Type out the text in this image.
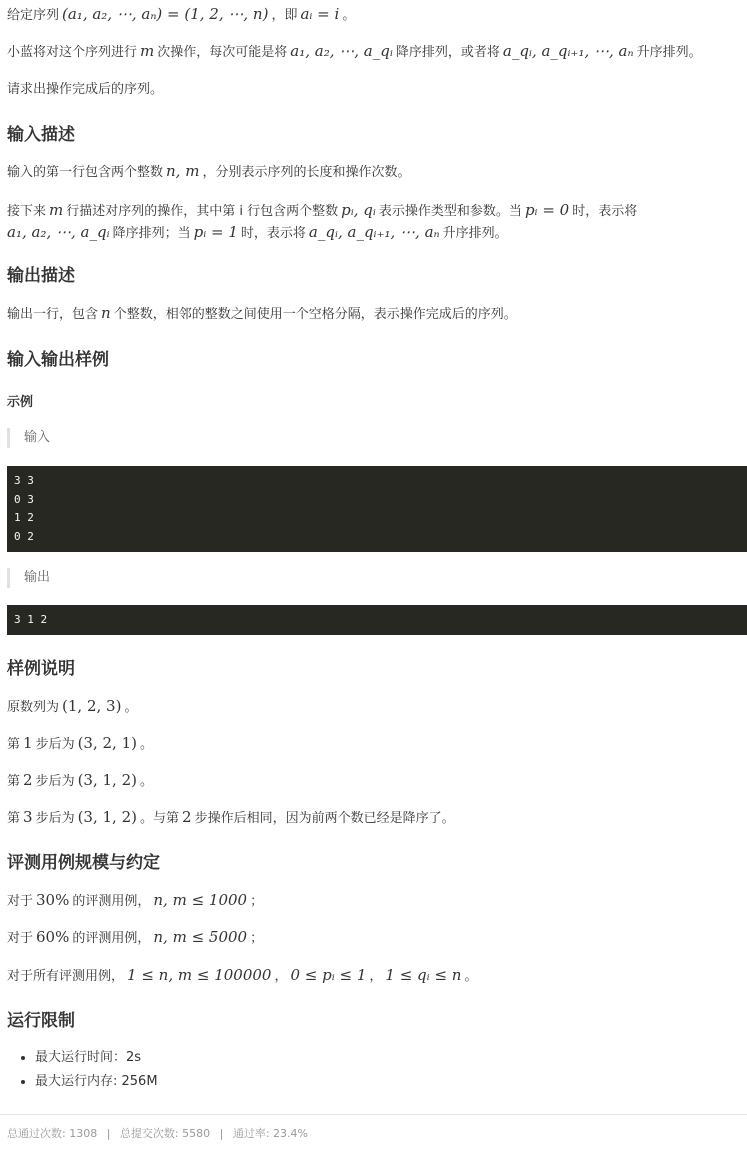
给定序列 (a₁, a₂, ⋯, aₙ) = (1, 2, ⋯, n) ，即 aᵢ = i 。

小蓝将对这个序列进行 m 次操作，每次可能是将 a₁, a₂, ⋯, a_qᵢ 降序排列，或者将 a_qᵢ, a_qᵢ₊₁, ⋯, aₙ 升序排列。

请求出操作完成后的序列。

输入描述

输入的第一行包含两个整数 n, m ，分别表示序列的长度和操作次数。

接下来 m 行描述对序列的操作，其中第 i 行包含两个整数 pᵢ, qᵢ 表示操作类型和参数。当 pᵢ = 0 时，表示将

a₁, a₂, ⋯, a_qᵢ 降序排列；当 pᵢ = 1 时，表示将 a_qᵢ, a_qᵢ₊₁, ⋯, aₙ 升序排列。

输出描述

输出一行，包含 n 个整数，相邻的整数之间使用一个空格分隔，表示操作完成后的序列。

输入输出样例
示例
输入
3 3
0 3
1 2
0 2
输出
3 1 2
样例说明

原数列为 (1, 2, 3) 。

第 1 步后为 (3, 2, 1) 。

第 2 步后为 (3, 1, 2) 。

第 3 步后为 (3, 1, 2) 。与第 2 步操作后相同，因为前两个数已经是降序了。

评测用例规模与约定

对于 30% 的评测用例， n, m ≤ 1000 ；

对于 60% 的评测用例， n, m ≤ 5000 ；

对于所有评测用例， 1 ≤ n, m ≤ 100000 ， 0 ≤ pᵢ ≤ 1 ， 1 ≤ qᵢ ≤ n 。

运行限制
• 最大运行时间：2s
• 最大运行内存: 256M
总通过次数: 1308 | 总提交次数: 5580 | 通过率: 23.4%
